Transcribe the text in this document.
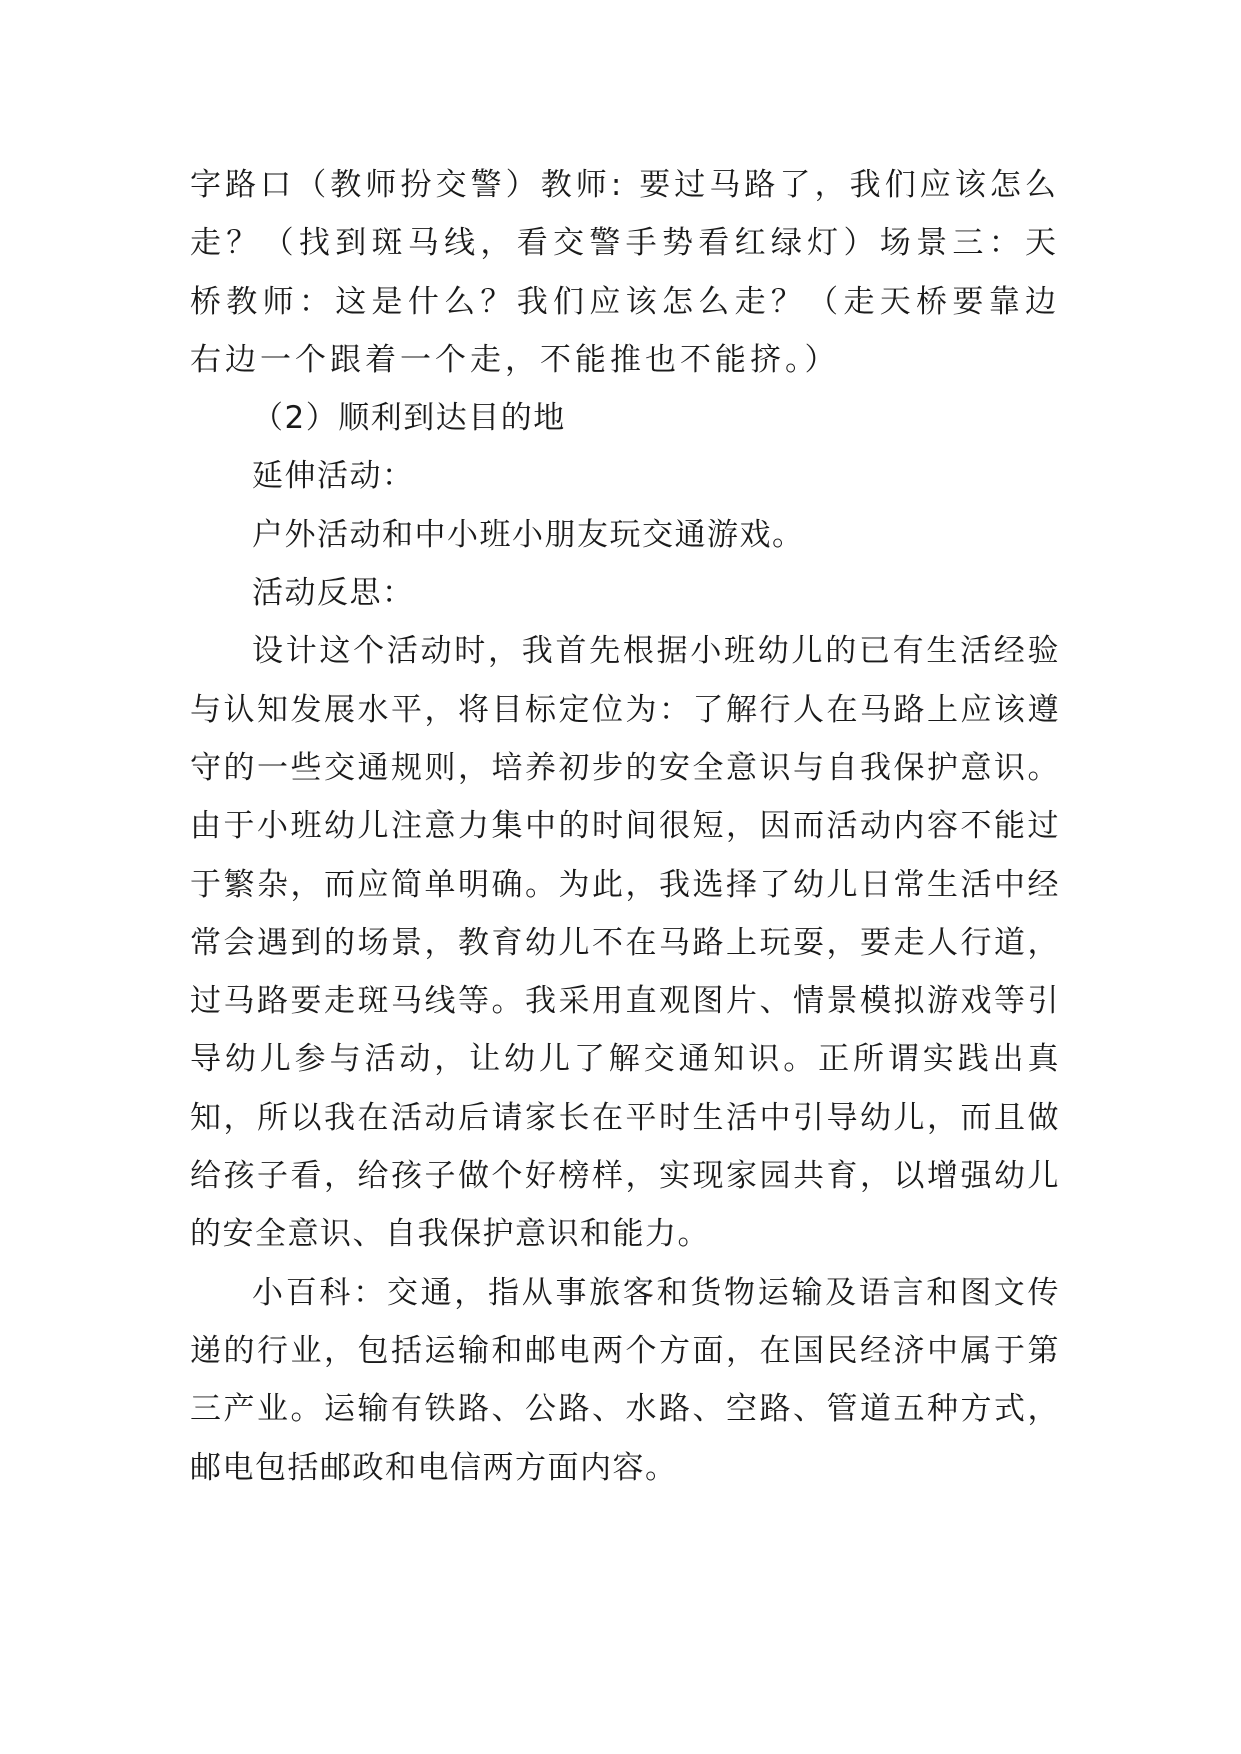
字路口（教师扮交警）教师: 要过马路了，我们应该怎么走？（找到斑马线，看交警手势看红绿灯）场景三：天桥教师：这是什么？我们应该怎么走？（走天桥要靠边右边一个跟着一个走，不能推也不能挤。）

（2）顺利到达目的地

延伸活动：

户外活动和中小班小朋友玩交通游戏。

活动反思：

设计这个活动时，我首先根据小班幼儿的已有生活经验与认知发展水平，将目标定位为：了解行人在马路上应该遵守的一些交通规则，培养初步的安全意识与自我保护意识。由于小班幼儿注意力集中的时间很短，因而活动内容不能过于繁杂，而应简单明确。为此，我选择了幼儿日常生活中经常会遇到的场景，教育幼儿不在马路上玩耍，要走人行道，过马路要走斑马线等。我采用直观图片、情景模拟游戏等引导幼儿参与活动，让幼儿了解交通知识。正所谓实践出真知，所以我在活动后请家长在平时生活中引导幼儿，而且做给孩子看，给孩子做个好榜样，实现家园共育，以增强幼儿的安全意识、自我保护意识和能力。

小百科：交通，指从事旅客和货物运输及语言和图文传递的行业，包括运输和邮电两个方面，在国民经济中属于第三产业。运输有铁路、公路、水路、空路、管道五种方式，邮电包括邮政和电信两方面内容。
